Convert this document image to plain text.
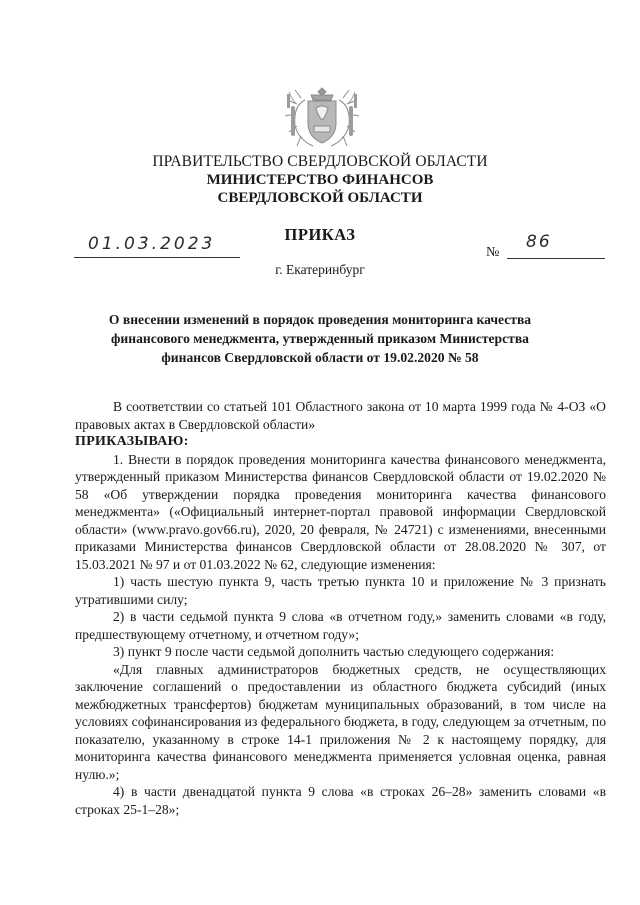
ПРАВИТЕЛЬСТВО СВЕРДЛОВСКОЙ ОБЛАСТИ
МИНИСТЕРСТВО ФИНАНСОВ
СВЕРДЛОВСКОЙ ОБЛАСТИ
ПРИКАЗ
01.03.2023	№
86
г. Екатеринбург
О внесении изменений в порядок проведения мониторинга качества финансового менеджмента, утвержденный приказом Министерства финансов Свердловской области от 19.02.2020 № 58

В соответствии со статьей 101 Областного закона от 10 марта 1999 года № 4-ОЗ «О правовых актах в Свердловской области»

ПРИКАЗЫВАЮ:

1. Внести в порядок проведения мониторинга качества финансового менеджмента, утвержденный приказом Министерства финансов Свердловской области от 19.02.2020 № 58 «Об утверждении порядка проведения мониторинга качества финансового менеджмента» («Официальный интернет-портал правовой информации Свердловской области» (www.pravo.gov66.ru), 2020, 20 февраля, № 24721) с изменениями, внесенными приказами Министерства финансов Свердловской области от 28.08.2020 № 307, от 15.03.2021 № 97 и от 01.03.2022 № 62, следующие изменения:

1) часть шестую пункта 9, часть третью пункта 10 и приложение № 3 признать утратившими силу;

2) в части седьмой пункта 9 слова «в отчетном году,» заменить словами «в году, предшествующему отчетному, и отчетном году»;

3) пункт 9 после части седьмой дополнить частью следующего содержания:

«Для главных администраторов бюджетных средств, не осуществляющих заключение соглашений о предоставлении из областного бюджета субсидий (иных межбюджетных трансфертов) бюджетам муниципальных образований, в том числе на условиях софинансирования из федерального бюджета, в году, следующем за отчетным, по показателю, указанному в строке 14-1 приложения № 2 к настоящему порядку, для мониторинга качества финансового менеджмента применяется условная оценка, равная нулю.»;

4) в части двенадцатой пункта 9 слова «в строках 26–28» заменить словами «в строках 25-1–28»;
